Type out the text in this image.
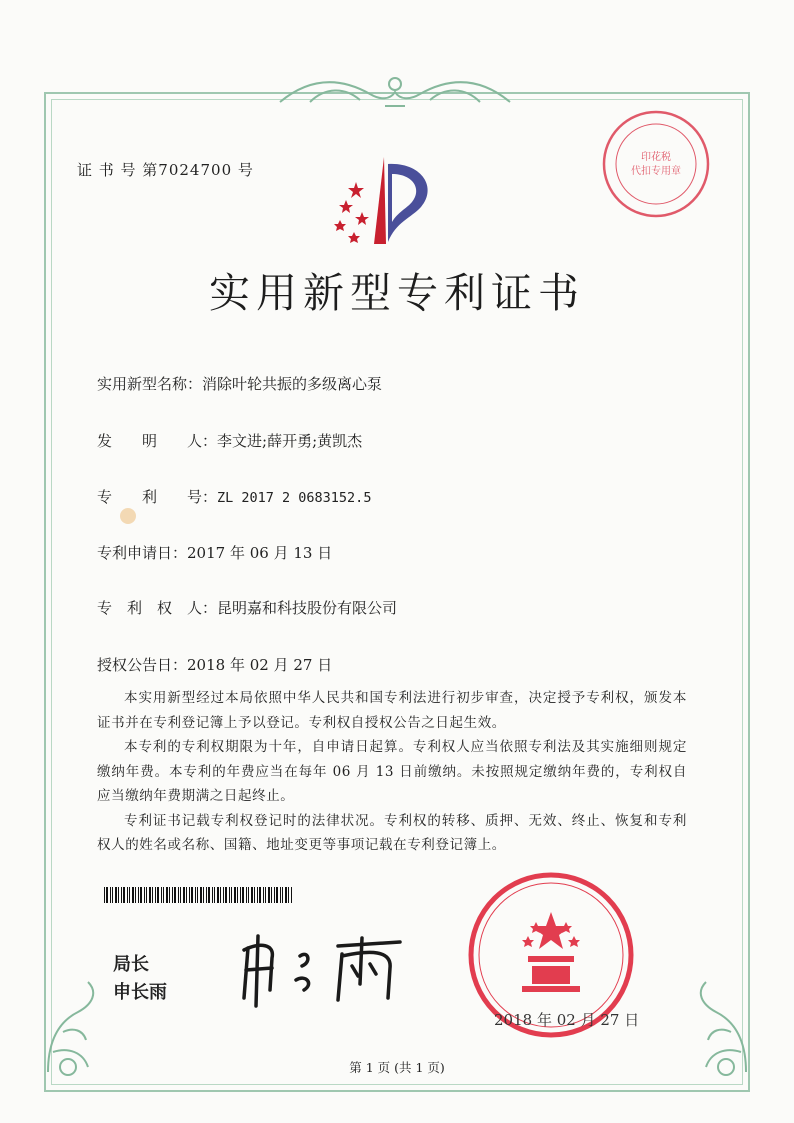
印花税
代扣专用章
证 书 号 第7024700 号
实用新型专利证书
实用新型名称：消除叶轮共振的多级离心泵
发　　明　　人：李文进;薛开勇;黄凯杰
专　　利　　号：ZL 2017 2 0683152.5
专利申请日：2017 年 06 月 13 日
专　利　权　人：昆明嘉和科技股份有限公司
授权公告日：2018 年 02 月 27 日

本实用新型经过本局依照中华人民共和国专利法进行初步审查，决定授予专利权，颁发本证书并在专利登记簿上予以登记。专利权自授权公告之日起生效。

本专利的专利权期限为十年，自申请日起算。专利权人应当依照专利法及其实施细则规定缴纳年费。本专利的年费应当在每年 06 月 13 日前缴纳。未按照规定缴纳年费的，专利权自应当缴纳年费期满之日起终止。

专利证书记载专利权登记时的法律状况。专利权的转移、质押、无效、终止、恢复和专利权人的姓名或名称、国籍、地址变更等事项记载在专利登记簿上。

局长
申长雨
2018 年 02 月 27 日
第 1 页 (共 1 页)
